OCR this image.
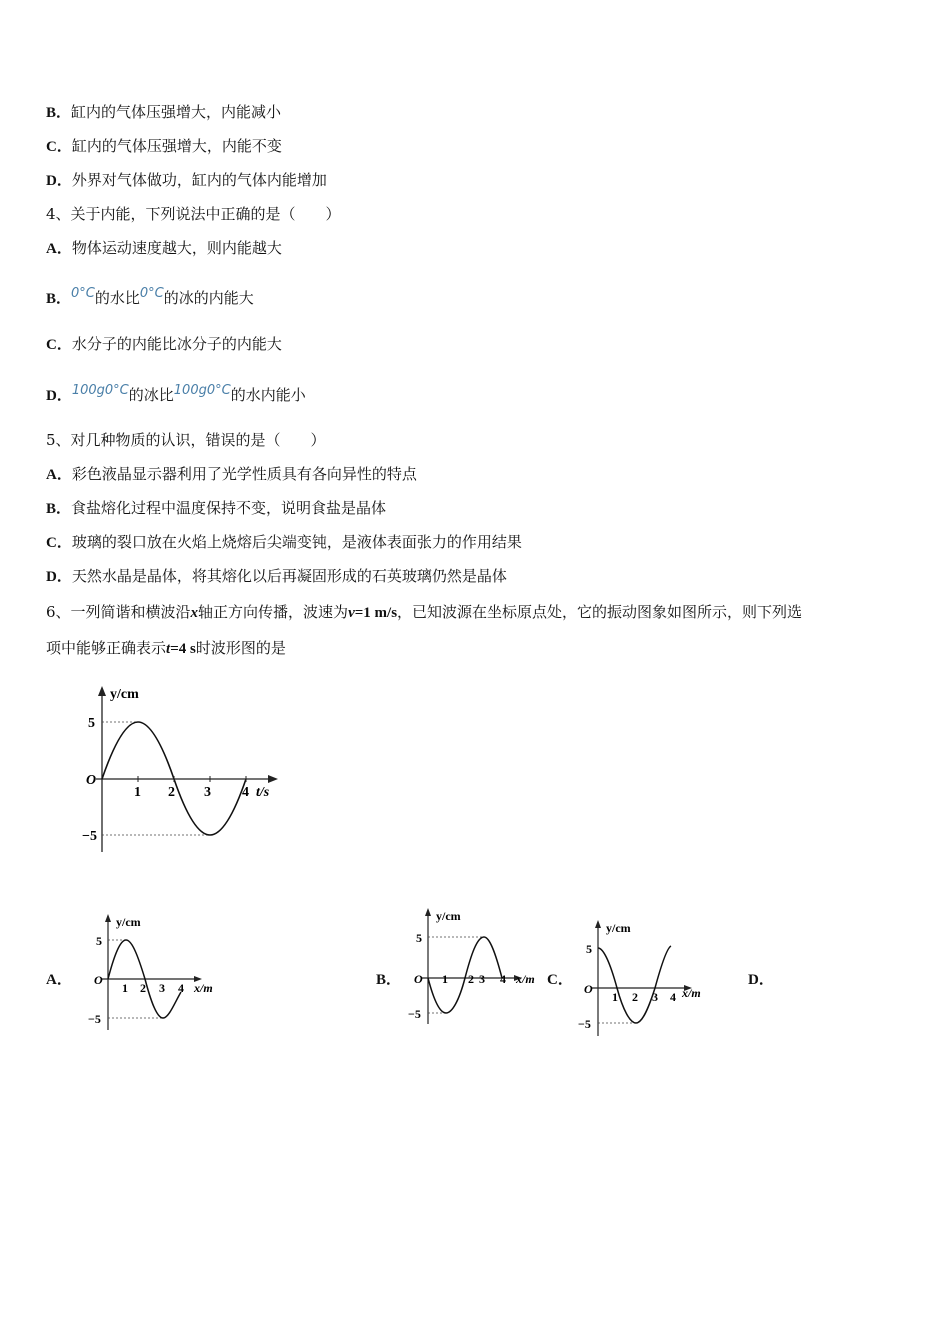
B．缸内的气体压强增大，内能减小
C．缸内的气体压强增大，内能不变
D．外界对气体做功，缸内的气体内能增加
4、关于内能，下列说法中正确的是（　　）
A．物体运动速度越大，则内能越大
B．0°C的水比0°C的冰的内能大
C．水分子的内能比冰分子的内能大
D．100g0°C的冰比100g0°C的水内能小
5、对几种物质的认识，错误的是（　　）
A．彩色液晶显示器利用了光学性质具有各向异性的特点
B．食盐熔化过程中温度保持不变，说明食盐是晶体
C．玻璃的裂口放在火焰上烧熔后尖端变钝，是液体表面张力的作用结果
D．天然水晶是晶体，将其熔化以后再凝固形成的石英玻璃仍然是晶体
6、一列简谐和横波沿x轴正方向传播，波速为v=1 m/s，已知波源在坐标原点处，它的振动图象如图所示，则下列选
项中能够正确表示t=4 s时波形图的是
y/cm
t/s
O
5
−5
1 2 3 4
A．	B．	C．	D．
y/cm
x/m
O
5
−5
1 2 3 4
y/cm
x/m
O
5
−5
1 2 3 4
y/cm
x/m
O
5
−5
1 2 3 4
